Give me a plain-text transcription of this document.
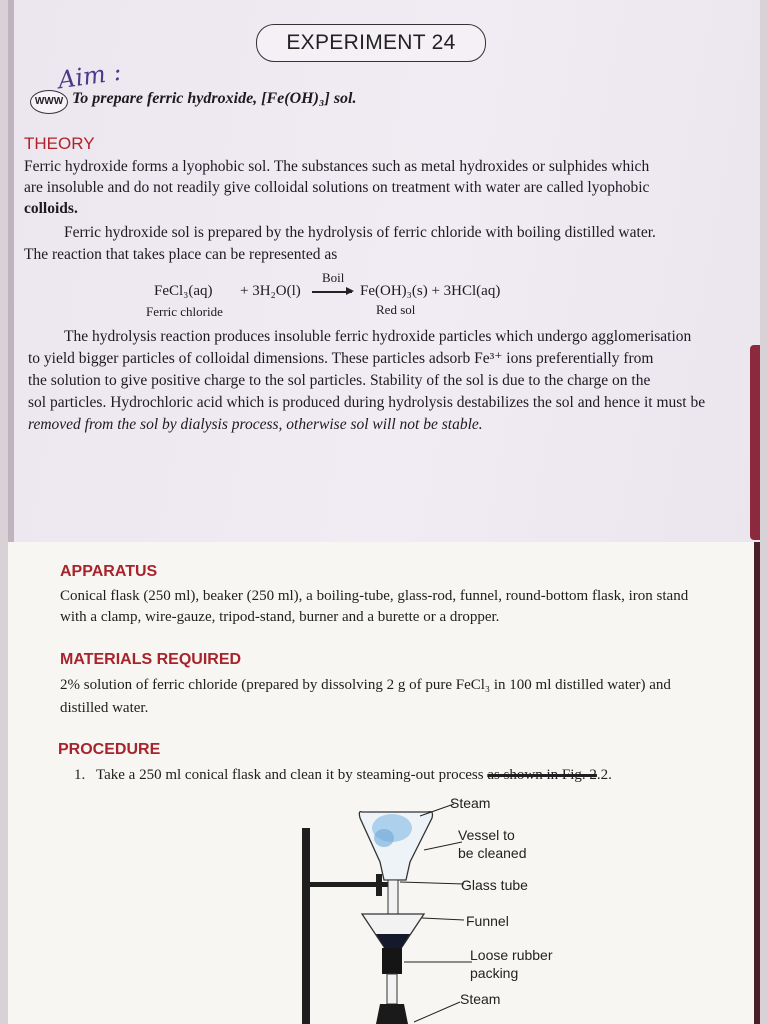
EXPERIMENT 24
Aim :
WWW To prepare ferric hydroxide, [Fe(OH)₃] sol.
THEORY
Ferric hydroxide forms a lyophobic sol. The substances such as metal hydroxides or sulphides which
are insoluble and do not readily give colloidal solutions on treatment with water are called lyophobic
colloids.
Ferric hydroxide sol is prepared by the hydrolysis of ferric chloride with boiling distilled water.
The reaction that takes place can be represented as
FeCl₃(aq) + 3H₂O(l)
Boil
→ Fe(OH)₃(s) + 3HCl(aq)
Ferric chloride	Red sol
The hydrolysis reaction produces insoluble ferric hydroxide particles which undergo agglomerisation
to yield bigger particles of colloidal dimensions. These particles adsorb Fe³⁺ ions preferentially from
the solution to give positive charge to the sol particles. Stability of the sol is due to the charge on the
sol particles. Hydrochloric acid which is produced during hydrolysis destabilizes the sol and hence it must be
removed from the sol by dialysis process, otherwise sol will not be stable.
APPARATUS
Conical flask (250 ml), beaker (250 ml), a boiling-tube, glass-rod, funnel, round-bottom flask, iron stand
with a clamp, wire-gauze, tripod-stand, burner and a burette or a dropper.
MATERIALS REQUIRED
2% solution of ferric chloride (prepared by dissolving 2 g of pure FeCl₃ in 100 ml distilled water) and
distilled water.
PROCEDURE
1. Take a 250 ml conical flask and clean it by steaming-out process as shown in Fig. 2.2.
Steam
Vessel to
be cleaned
Glass tube
Funnel
Loose rubber
packing
Steam
